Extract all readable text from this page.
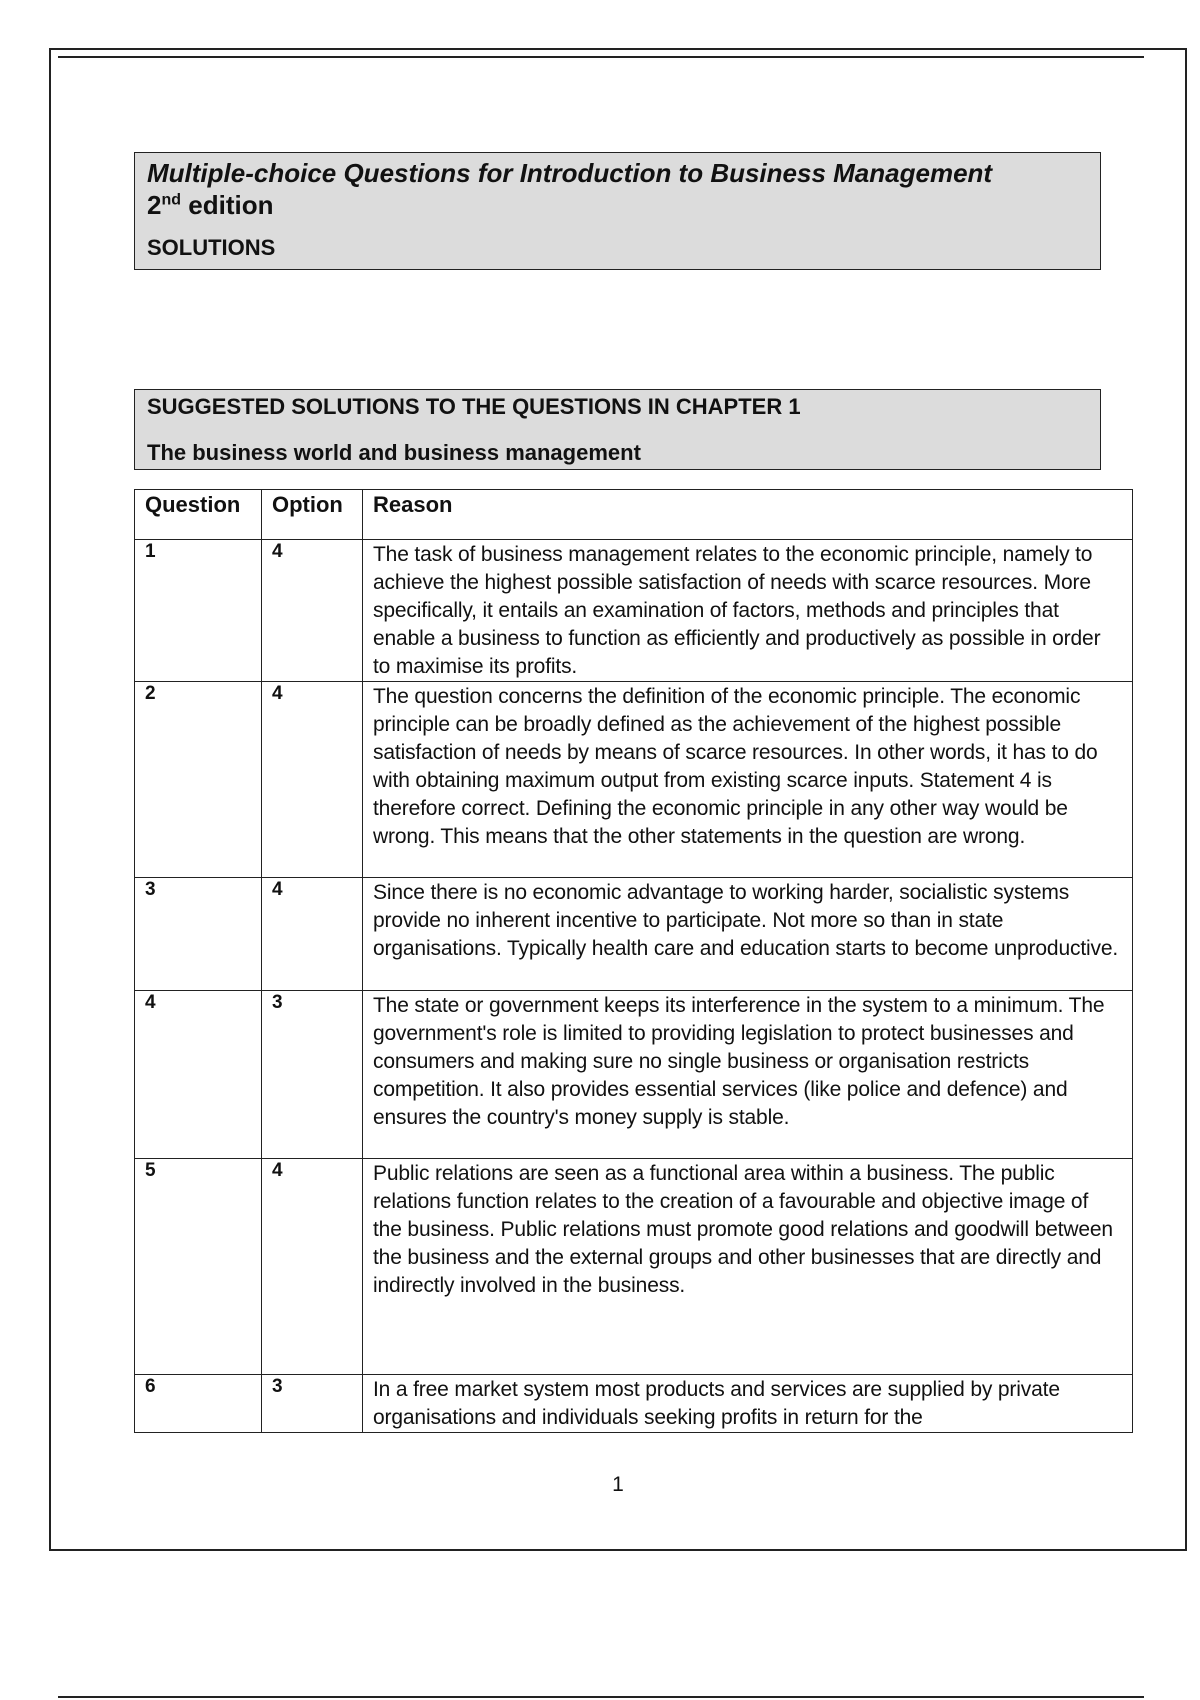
Multiple-choice Questions for Introduction to Business Management
2nd edition
SOLUTIONS
SUGGESTED SOLUTIONS TO THE QUESTIONS IN CHAPTER 1
The business world and business management
Question	Option	Reason
1	4	The task of business management relates to the economic principle, namely to achieve the highest possible satisfaction of needs with scarce resources. More specifically, it entails an examination of factors, methods and principles that enable a business to function as efficiently and productively as possible in order to maximise its profits.
2	4	The question concerns the definition of the economic principle. The economic principle can be broadly defined as the achievement of the highest possible satisfaction of needs by means of scarce resources. In other words, it has to do with obtaining maximum output from existing scarce inputs. Statement 4 is therefore correct. Defining the economic principle in any other way would be wrong. This means that the other statements in the question are wrong.
3	4	Since there is no economic advantage to working harder, socialistic systems provide no inherent incentive to participate. Not more so than in state organisations. Typically health care and education starts to become unproductive.
4	3	The state or government keeps its interference in the system to a minimum. The government's role is limited to providing legislation to protect businesses and consumers and making sure no single business or organisation restricts competition. It also provides essential services (like police and defence) and ensures the country's money supply is stable.
5	4	Public relations are seen as a functional area within a business. The public relations function relates to the creation of a favourable and objective image of the business. Public relations must promote good relations and goodwill between the business and the external groups and other businesses that are directly and indirectly involved in the business.
6	3	In a free market system most products and services are supplied by private organisations and individuals seeking profits in return for the
1
